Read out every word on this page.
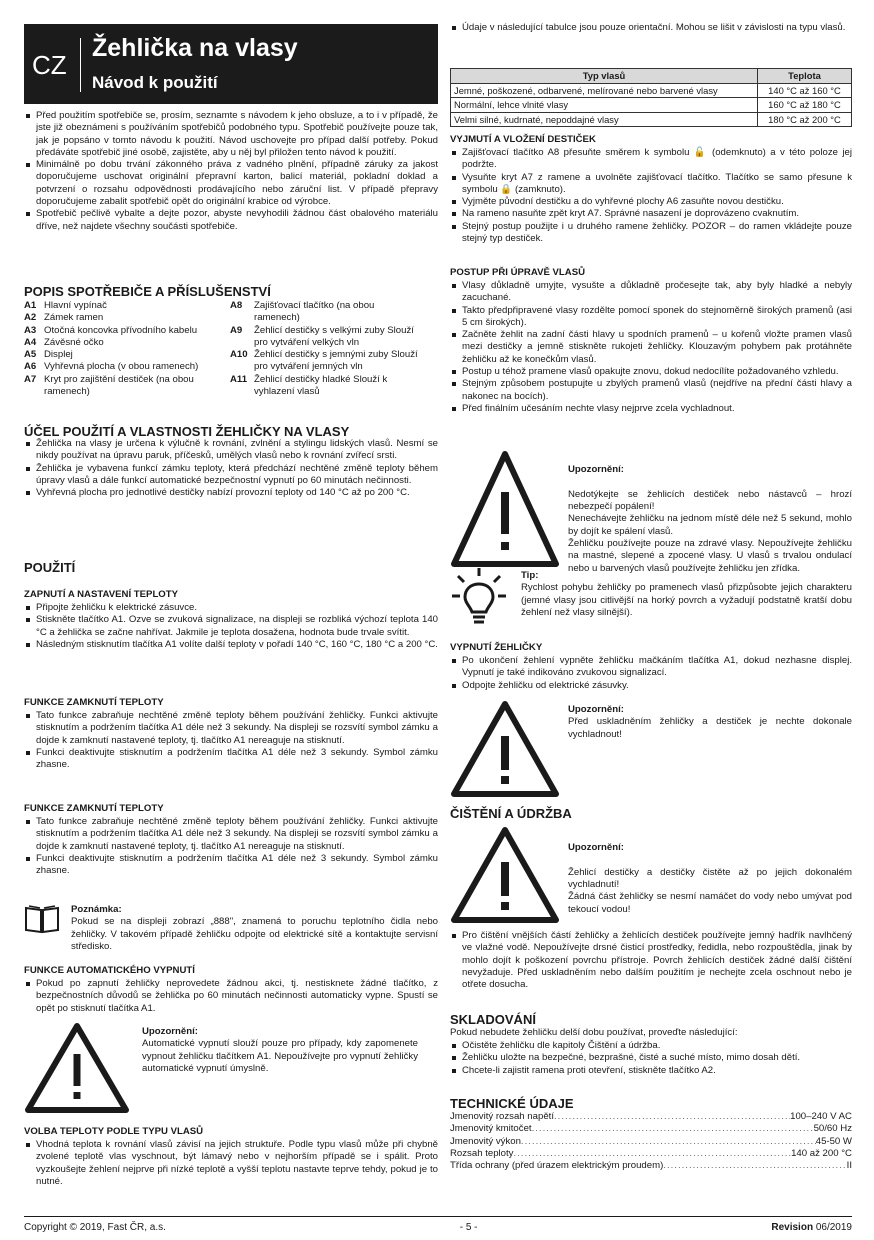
CZ
Žehlička na vlasy
Návod k použití
Před použitím spotřebiče se, prosím, seznamte s návodem k jeho obsluze, a to i v případě, že jste již obeznámeni s používáním spotřebičů podobného typu. Spotřebič používejte pouze tak, jak je popsáno v tomto návodu k použití. Návod uschovejte pro případ další potřeby. Pokud předáváte spotřebič jiné osobě, zajistěte, aby u něj byl přiložen tento návod k použití.
Minimálně po dobu trvání zákonného práva z vadného plnění, případně záruky za jakost doporučujeme uschovat originální přepravní karton, balicí materiál, pokladní doklad a potvrzení o rozsahu odpovědnosti prodávajícího nebo záruční list. V případě přepravy doporučujeme zabalit spotřebič opět do originální krabice od výrobce.
Spotřebič pečlivě vybalte a dejte pozor, abyste nevyhodili žádnou část obalového materiálu dříve, než najdete všechny součásti spotřebiče.
POPIS SPOTŘEBIČE A PŘÍSLUŠENSTVÍ
A1 Hlavní vypínač
A2 Zámek ramen
A3 Otočná koncovka přívodního kabelu
A4 Závěsné očko
A5 Displej
A6 Vyhřevná plocha (v obou ramenech)
A7 Kryt pro zajištění destiček (na obou ramenech)
A8	Zajišťovací tlačítko (na obou ramenech)
A9	Žehlicí destičky s velkými zuby Slouží pro vytváření velkých vln
A10 Žehlicí destičky s jemnými zuby Slouží pro vytváření jemných vln
A11 Žehlicí destičky hladké Slouží k vyhlazení vlasů
ÚČEL POUŽITÍ A VLASTNOSTI ŽEHLIČKY NA VLASY
Žehlička na vlasy je určena k výlučně k rovnání, zvlnění a stylingu lidských vlasů. Nesmí se nikdy používat na úpravu paruk, příčesků, umělých vlasů nebo k rovnání zvířecí srsti.
Žehlička je vybavena funkcí zámku teploty, která předchází nechtěné změně teploty během úpravy vlasů a dále funkcí automatické bezpečnostní vypnutí po 60 minutách nečinnosti.
Vyhřevná plocha pro jednotlivé destičky nabízí provozní teploty od 140 °C až po 200 °C.
POUŽITÍ
ZAPNUTÍ A NASTAVENÍ TEPLOTY
Připojte žehličku k elektrické zásuvce.
Stiskněte tlačítko A1. Ozve se zvuková signalizace, na displeji se rozbliká výchozí teplota 140 °C a žehlička se začne nahřívat. Jakmile je teplota dosažena, hodnota bude trvale svítit.
Následným stisknutím tlačítka A1 volíte další teploty v pořadí 140 °C, 160 °C, 180 °C a 200 °C.
FUNKCE ZAMKNUTÍ TEPLOTY
Tato funkce zabraňuje nechtěné změně teploty během používání žehličky. Funkci aktivujte stisknutím a podržením tlačítka A1 déle než 3 sekundy. Na displeji se rozsvítí symbol zámku a dojde k zamknutí nastavené teploty, tj. tlačítko A1 nereaguje na stisknutí.
Funkci deaktivujte stisknutím a podržením tlačítka A1 déle než 3 sekundy. Symbol zámku zhasne.
FUNKCE ZAMKNUTÍ TEPLOTY
Tato funkce zabraňuje nechtěné změně teploty během používání žehličky. Funkci aktivujte stisknutím a podržením tlačítka A1 déle než 3 sekundy. Na displeji se rozsvítí symbol zámku a dojde k zamknutí nastavené teploty, tj. tlačítko A1 nereaguje na stisknutí.
Funkci deaktivujte stisknutím a podržením tlačítka A1 déle než 3 sekundy. Symbol zámku zhasne.
Poznámka:
Pokud se na displeji zobrazí „888", znamená to poruchu teplotního čidla nebo žehličky. V takovém případě žehličku odpojte od elektrické sítě a kontaktujte servisní středisko.
FUNKCE AUTOMATICKÉHO VYPNUTÍ
Pokud po zapnutí žehličky neprovedete žádnou akci, tj. nestisknete žádné tlačítko, z bezpečnostních důvodů se žehlička po 60 minutách nečinnosti automaticky vypne. Spustí se opět po stisknutí tlačítka A1.
Upozornění:
Automatické vypnutí slouží pouze pro případy, kdy zapomenete vypnout žehličku tlačítkem A1. Nepoužívejte pro vypnutí žehličky automatické vypnutí úmyslně.
VOLBA TEPLOTY PODLE TYPU VLASŮ
Vhodná teplota k rovnání vlasů závisí na jejich struktuře. Podle typu vlasů může při chybně zvolené teplotě vlas vyschnout, být lámavý nebo v nejhorším případě se i spálit. Proto vyzkoušejte žehlení nejprve při nízké teplotě a vyšší teplotu nastavte teprve tehdy, pokud je to nutné.
Údaje v následující tabulce jsou pouze orientační. Mohou se lišit v závislosti na typu vlasů.
Typ vlasů	Teplota
Jemné, poškozené, odbarvené, melírované nebo barvené vlasy	140 °C až 160 °C
Normální, lehce vlnité vlasy	160 °C až 180 °C
Velmi silné, kudrnaté, nepoddajné vlasy	180 °C až 200 °C
VYJMUTÍ A VLOŽENÍ DESTIČEK
Zajišťovací tlačítko A8 přesuňte směrem k symbolu 🔓 (odemknuto) a v této poloze jej podržte.
Vysuňte kryt A7 z ramene a uvolněte zajišťovací tlačítko. Tlačítko se samo přesune k symbolu 🔒 (zamknuto).
Vyjměte původní destičku a do vyhřevné plochy A6 zasuňte novou destičku.
Na rameno nasuňte zpět kryt A7. Správné nasazení je doprovázeno cvaknutím.
Stejný postup použijte i u druhého ramene žehličky. POZOR – do ramen vkládejte pouze stejný typ destiček.
POSTUP PŘI ÚPRAVĚ VLASŮ
Vlasy důkladně umyjte, vysušte a důkladně pročesejte tak, aby byly hladké a nebyly zacuchané.
Takto předpřipravené vlasy rozdělte pomocí sponek do stejnoměrně širokých pramenů (asi 5 cm širokých).
Začněte žehlit na zadní části hlavy u spodních pramenů – u kořenů vložte pramen vlasů mezi destičky a jemně stiskněte rukojeti žehličky. Klouzavým pohybem pak protáhněte žehličku až ke konečkům vlasů.
Postup u téhož pramene vlasů opakujte znovu, dokud nedocílíte požadovaného vzhledu.
Stejným způsobem postupujte u zbylých pramenů vlasů (nejdříve na přední části hlavy a nakonec na bocích).
Před finálním učesáním nechte vlasy nejprve zcela vychladnout.

Upozornění:

Nedotýkejte se žehlicích destiček nebo nástavců – hrozí nebezpečí popálení!
Nenechávejte žehličku na jednom místě déle než 5 sekund, mohlo by dojít ke spálení vlasů.
Žehličku používejte pouze na zdravé vlasy. Nepoužívejte žehličku na mastné, slepené a zpocené vlasy. U vlasů s trvalou ondulací nebo u barvených vlasů používejte žehličku jen zřídka.

Tip:
Rychlost pohybu žehličky po pramenech vlasů přizpůsobte jejich charakteru (jemné vlasy jsou citlivější na horký povrch a vyžadují podstatně kratší dobu žehlení než vlasy silnější).
VYPNUTÍ ŽEHLIČKY
Po ukončení žehlení vypněte žehličku mačkáním tlačítka A1, dokud nezhasne displej. Vypnutí je také indikováno zvukovou signalizací.
Odpojte žehličku od elektrické zásuvky.
Upozornění:
Před uskladněním žehličky a destiček je nechte dokonale vychladnout!
ČIŠTĚNÍ A ÚDRŽBA

Upozornění:

Žehlicí destičky a destičky čistěte až po jejich dokonalém vychladnutí!
Žádná část žehličky se nesmí namáčet do vody nebo umývat pod tekoucí vodou!

Pro čištění vnějších částí žehličky a žehlicích destiček používejte jemný hadřík navlhčený ve vlažné vodě. Nepoužívejte drsné čisticí prostředky, ředidla, nebo rozpouštědla, jinak by mohlo dojít k poškození povrchu přístroje. Povrch žehlicích destiček žádné další čištění nevyžaduje. Před uskladněním nebo dalším použitím je nechejte zcela oschnout nebo je otřete dosucha.
SKLADOVÁNÍ
Pokud nebudete žehličku delší dobu používat, proveďte následující:
Očistěte žehličku dle kapitoly Čištění a údržba.
Žehličku uložte na bezpečné, bezprašné, čisté a suché místo, mimo dosah dětí.
Chcete-li zajistit ramena proti otevření, stiskněte tlačítko A2.
TECHNICKÉ ÚDAJE
Jmenovitý rozsah napětí .....	100–240 V AC
Jmenovitý kmitočet .....	50/60 Hz
Jmenovitý výkon .....	45-50 W
Rozsah teploty .....	140 až 200 °C
Třída ochrany (před úrazem elektrickým proudem) .....	II
Copyright © 2019, Fast ČR, a.s.	- 5 -	Revision 06/2019
